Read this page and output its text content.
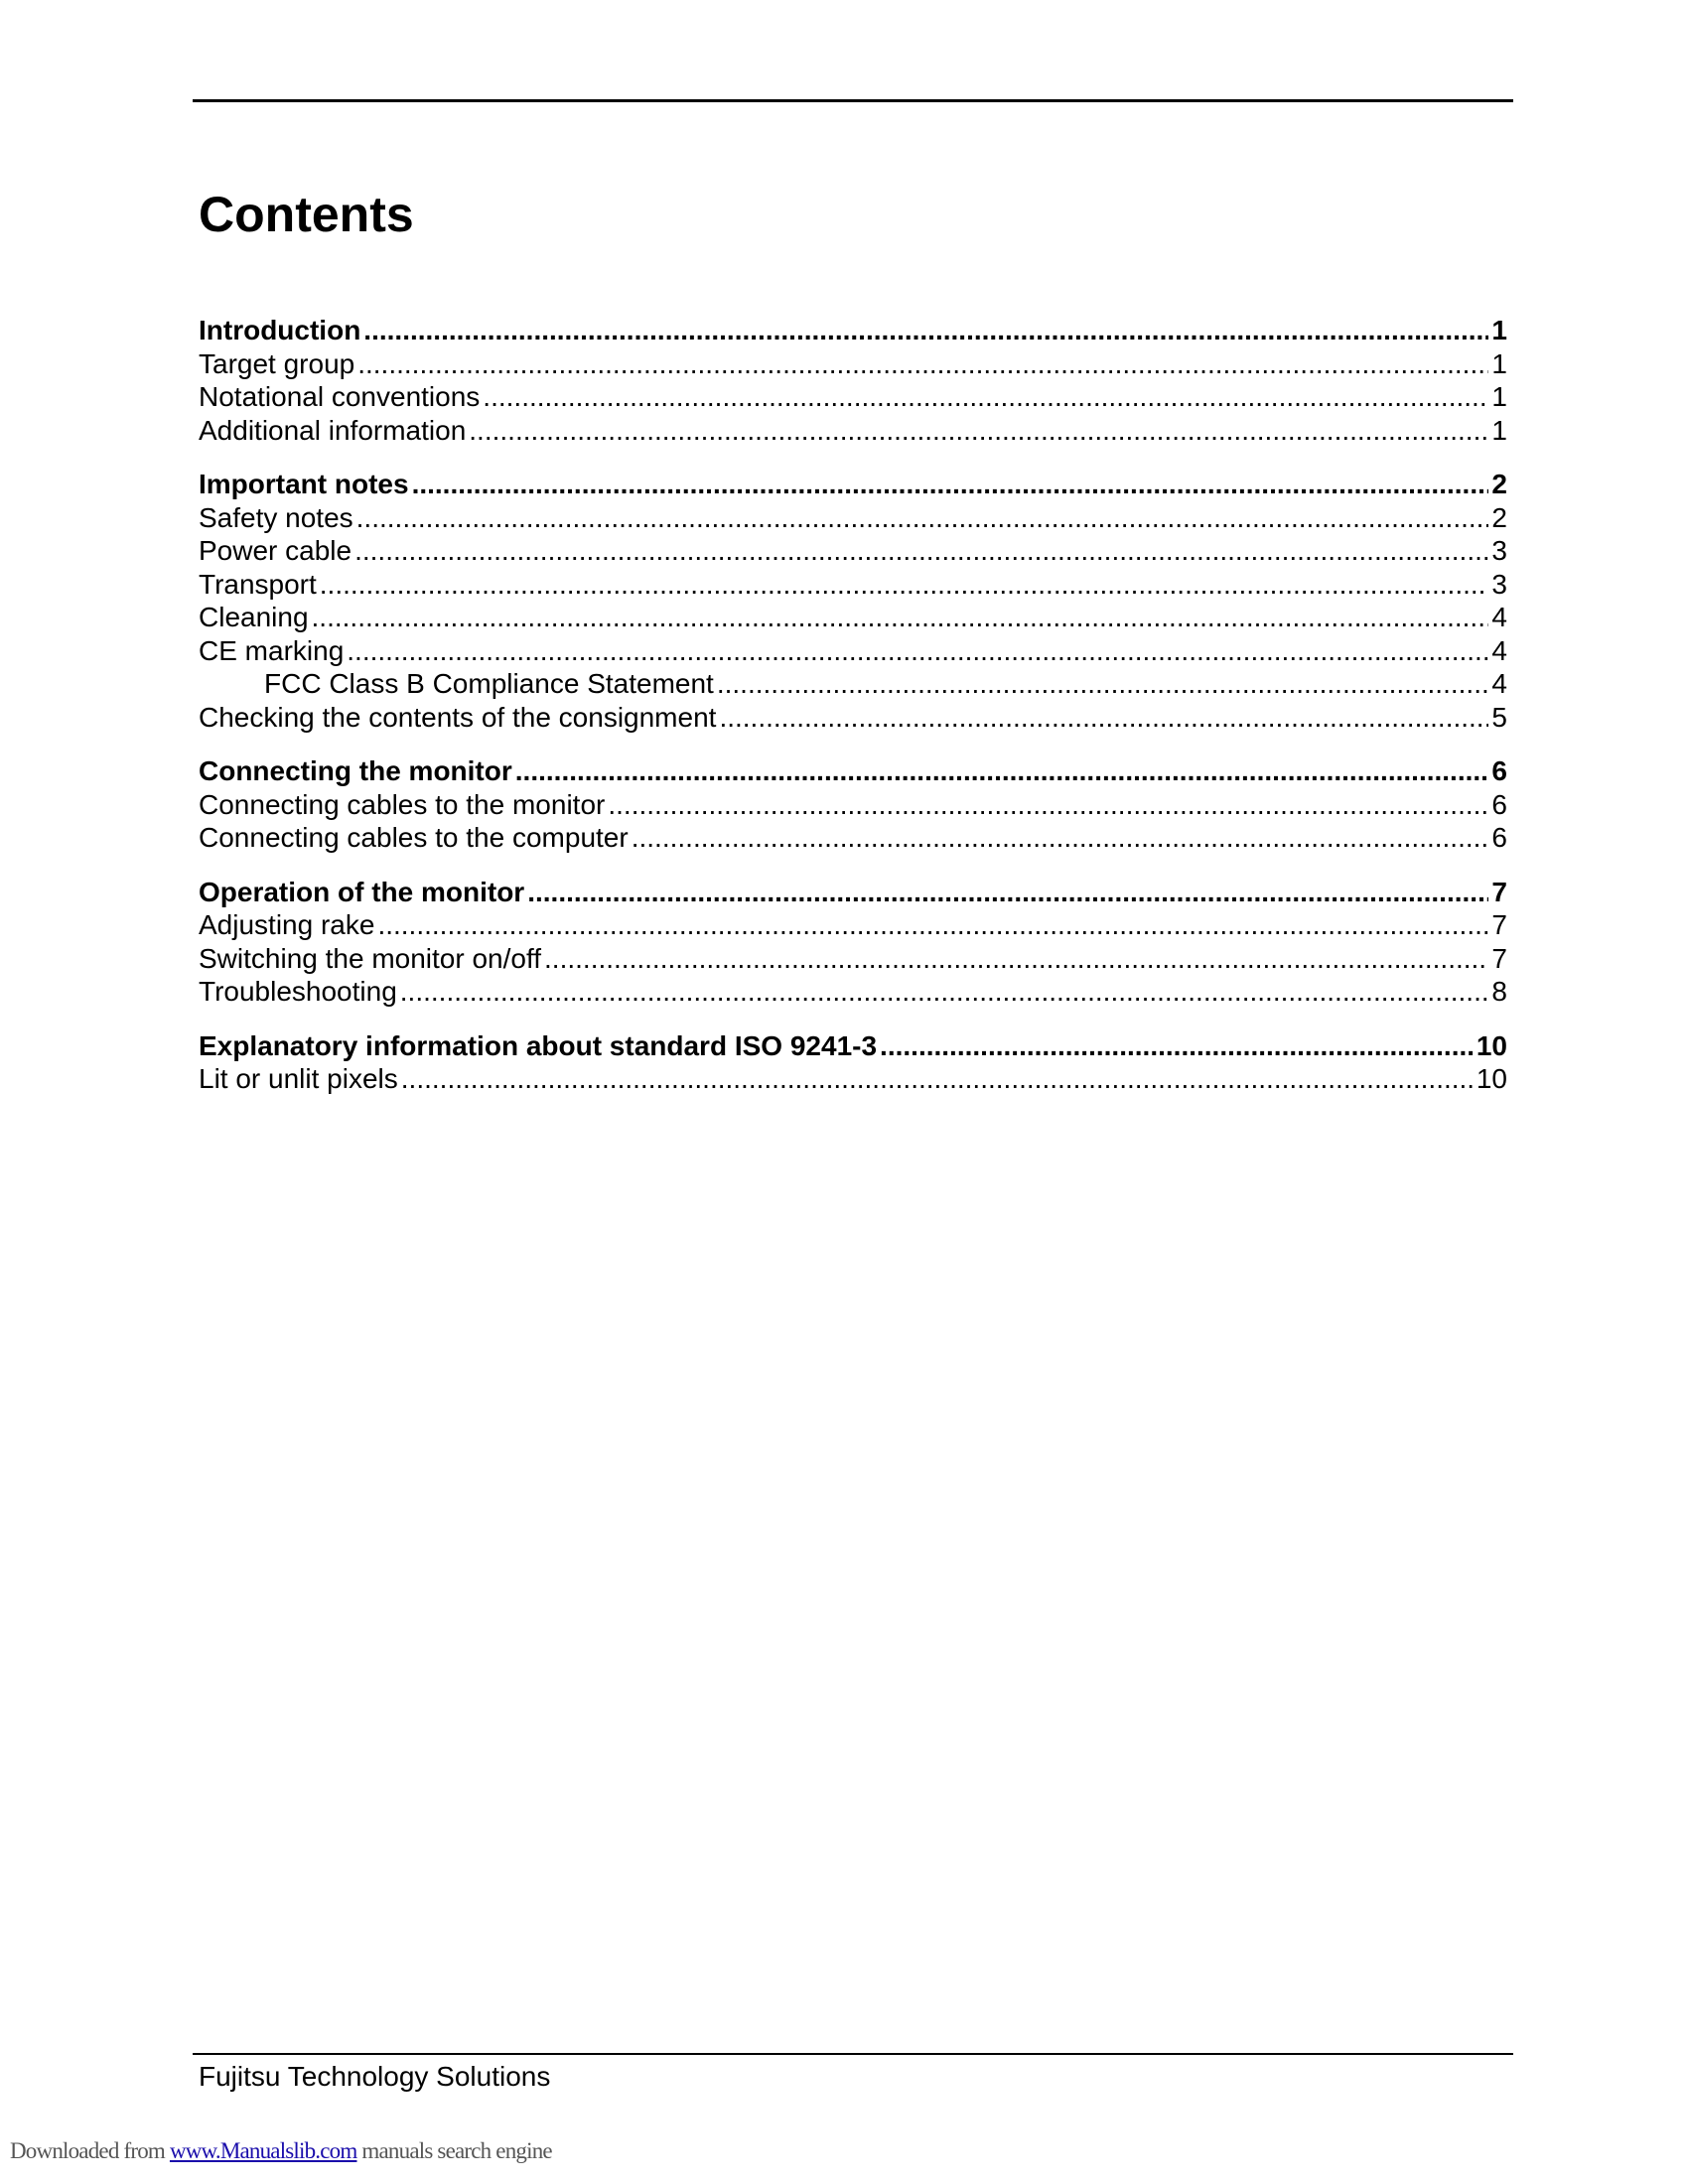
Contents
Introduction .....	1
Target group .....	1
Notational conventions .....	1
Additional information .....	1
Important notes .....	2
Safety notes .....	2
Power cable .....	3
Transport .....	3
Cleaning .....	4
CE marking .....	4
FCC Class B Compliance Statement .....	4
Checking the contents of the consignment .....	5
Connecting the monitor .....	6
Connecting cables to the monitor .....	6
Connecting cables to the computer .....	6
Operation of the monitor .....	7
Adjusting rake .....	7
Switching the monitor on/off .....	7
Troubleshooting .....	8
Explanatory information about standard ISO 9241-3 .....	10
Lit or unlit pixels .....	10
Fujitsu Technology Solutions
Downloaded from www.Manualslib.com manuals search engine
